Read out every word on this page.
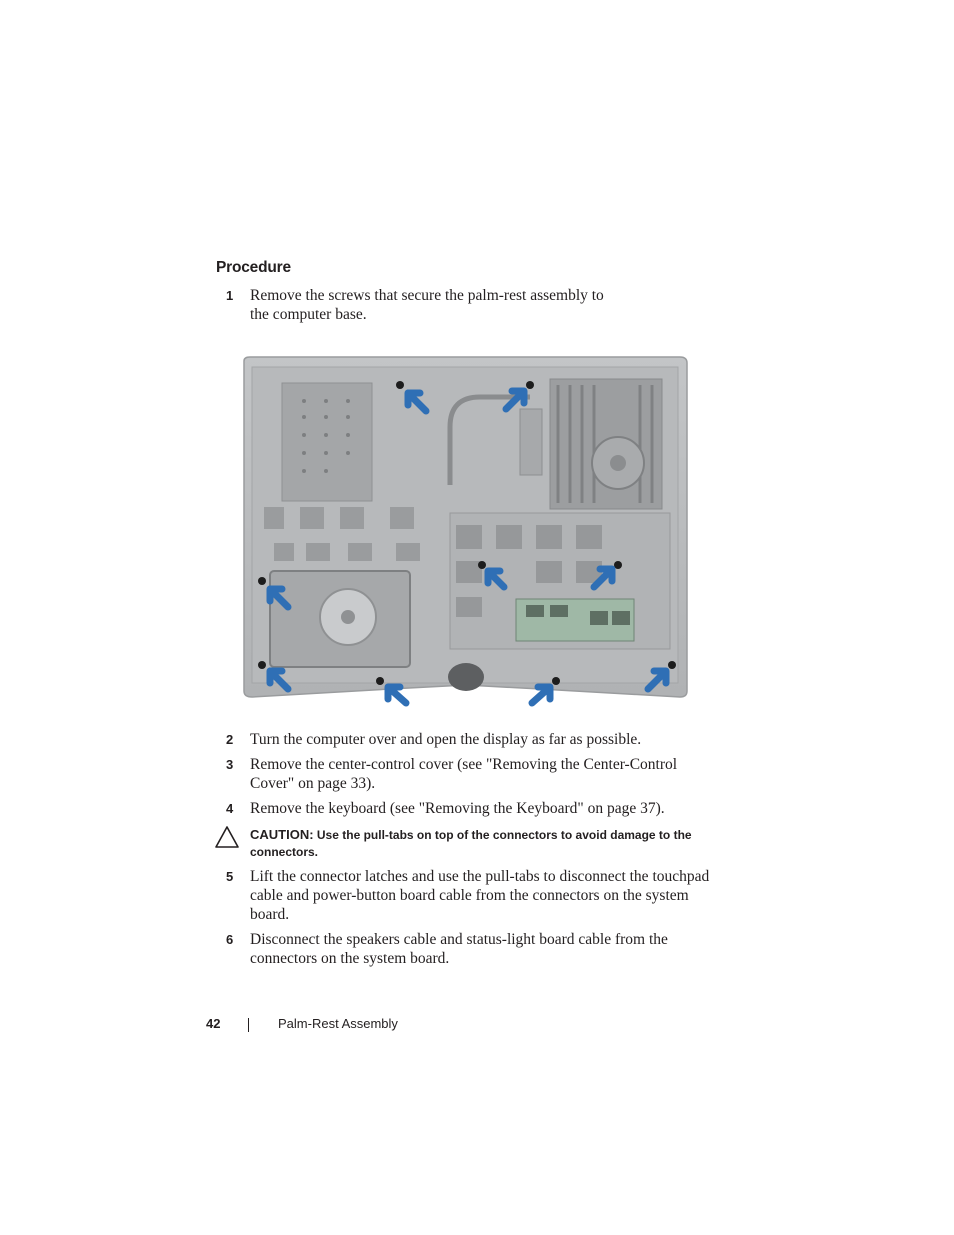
Procedure
1 Remove the screws that secure the palm-rest assembly to the computer base.
2 Turn the computer over and open the display as far as possible.
3 Remove the center-control cover (see "Removing the Center-Control Cover" on page 33).
4 Remove the keyboard (see "Removing the Keyboard" on page 37).
CAUTION: Use the pull-tabs on top of the connectors to avoid damage to the connectors.
5 Lift the connector latches and use the pull-tabs to disconnect the touchpad cable and power-button board cable from the connectors on the system board.
6 Disconnect the speakers cable and status-light board cable from the connectors on the system board.
42	Palm-Rest Assembly
